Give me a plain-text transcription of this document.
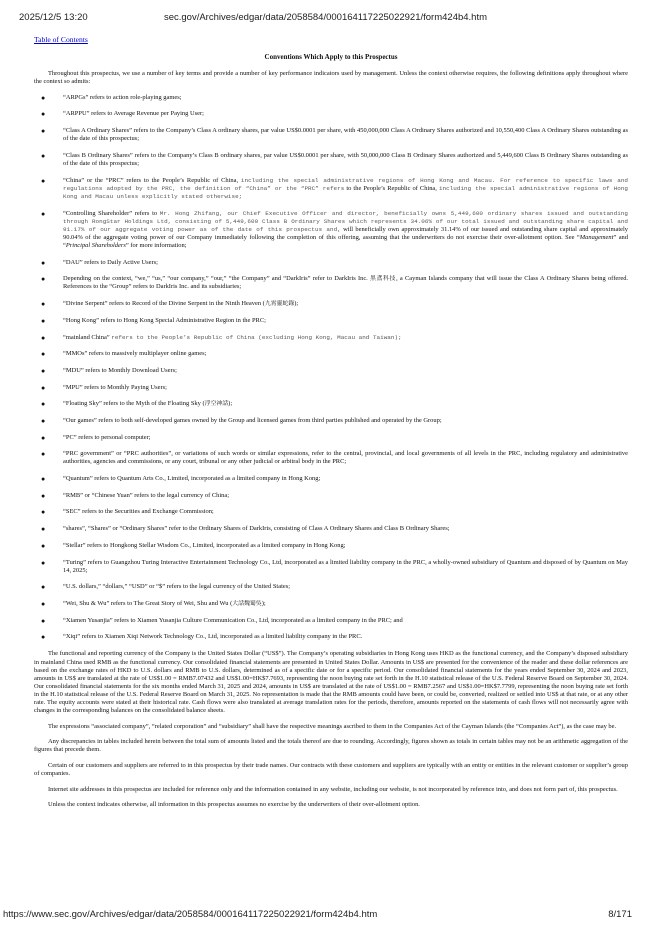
2025/12/5 13:20	sec.gov/Archives/edgar/data/2058584/000164117225022921/form424b4.htm
Table of Contents
Conventions Which Apply to this Prospectus

Throughout this prospectus, we use a number of key terms and provide a number of key performance indicators used by management. Unless the context otherwise requires, the following definitions apply throughout where the context so admits:

●	“ARPGs” refers to action role-playing games;
●	“ARPPU” refers to Average Revenue per Paying User;
●	“Class A Ordinary Shares” refers to the Company’s Class A ordinary shares, par value US$0.0001 per share, with 450,000,000 Class A Ordinary Shares authorized and 10,550,400 Class A Ordinary Shares outstanding as of the date of this prospectus;
●	“Class B Ordinary Shares” refers to the Company’s Class B ordinary shares, par value US$0.0001 per share, with 50,000,000 Class B Ordinary Shares authorized and 5,449,600 Class B Ordinary Shares outstanding as of the date of this prospectus;
●	“China” or the “PRC” refers to the People’s Republic of China, including the special administrative regions of Hong Kong and Macau. For reference to specific laws and regulations adopted by the PRC, the definition of “China” or the “PRC” refers to the People’s Republic of China, including the special administrative regions of Hong Kong and Macau unless explicitly stated otherwise;
●	“Controlling Shareholder” refers to Mr. Hong Zhifang, our Chief Executive Officer and director, beneficially owns 5,449,600 ordinary shares issued and outstanding through RongStar Holdings Ltd, consisting of 5,449,600 Class B Ordinary Shares which represents 34.06% of our total issued and outstanding share capital and 91.17% of our aggregate voting power as of the date of this prospectus and, will beneficially own approximately 31.14% of our issued and outstanding share capital and approximately 90.04% of the aggregate voting power of our Company immediately following the completion of this offering, assuming that the underwriters do not exercise their over-allotment option. See “Management” and “Principal Shareholders” for more information;
●	“DAU” refers to Daily Active Users;
●	Depending on the context, “we,” “us,” “our company,” “our,” “the Company” and “DarkIris” refer to DarkIris Inc. 黑鳶科技, a Cayman Islands company that will issue the Class A Ordinary Shares being offered. References to the “Group” refers to DarkIris Inc. and its subsidiaries;
●	“Divine Serpent” refers to Record of the Divine Serpent in the Ninth Heaven (九霄靈蛇錄);
●	“Hong Kong” refers to Hong Kong Special Administrative Region in the PRC;
●	“mainland China” refers to the People’s Republic of China (excluding Hong Kong, Macau and Taiwan);
●	“MMOs” refers to massively multiplayer online games;
●	“MDU” refers to Monthly Download Users;
●	“MPU” refers to Monthly Paying Users;
●	“Floating Sky” refers to the Myth of the Floating Sky (浮空神話);
●	“Our games” refers to both self-developed games owned by the Group and licensed games from third parties published and operated by the Group;
●	“PC” refers to personal computer;
●	“PRC government” or “PRC authorities”, or variations of such words or similar expressions, refer to the central, provincial, and local governments of all levels in the PRC, including regulatory and administrative authorities, agencies and commissions, or any court, tribunal or any other judicial or arbitral body in the PRC;
●	“Quantum” refers to Quantum Arts Co., Limited, incorporated as a limited company in Hong Kong;
●	“RMB” or “Chinese Yuan” refers to the legal currency of China;
●	“SEC” refers to the Securities and Exchange Commission;
●	“shares”, “Shares” or “Ordinary Shares” refer to the Ordinary Shares of DarkIris, consisting of Class A Ordinary Shares and Class B Ordinary Shares;
●	“Stellar” refers to Hongkong Stellar Wisdom Co., Limited, incorporated as a limited company in Hong Kong;
●	“Turing” refers to Guangzhou Turing Interactive Entertainment Technology Co., Ltd, incorporated as a limited liability company in the PRC, a wholly-owned subsidiary of Quantum and disposed of by Quantum on May 14, 2025;
●	“U.S. dollars,” “dollars,” “USD” or “$” refers to the legal currency of the United States;
●	“Wei, Shu & Wu” refers to The Great Story of Wei, Shu and Wu (大話魏蜀吳);
●	“Xiamen Yusanjia” refers to Xiamen Yusanjia Culture Communication Co., Ltd, incorporated as a limited company in the PRC; and
●	“Xiqi” refers to Xiamen Xiqi Network Technology Co., Ltd, incorporated as a limited liability company in the PRC.

The functional and reporting currency of the Company is the United States Dollar (“US$”). The Company’s operating subsidiaries in Hong Kong uses HKD as the functional currency, and the Company’s disposed subsidiary in mainland China used RMB as the functional currency. Our consolidated financial statements are presented in United States Dollar. Amounts in US$ are presented for the convenience of the reader and these dollar references are based on the exchange rates of HKD to U.S. dollars and RMB to U.S. dollars, determined as of a specific date or for a specific period. Our consolidated financial statements for the years ended September 30, 2024 and 2023, amounts in US$ are translated at the rate of US$1.00 = RMB7.07432 and US$1.00=HK$7.7693, representing the noon buying rate set forth in the H.10 statistical release of the U.S. Federal Reserve Board on September 30, 2024. Our consolidated financial statements for the six months ended March 31, 2025 and 2024, amounts in US$ are translated at the rate of US$1.00 = RMB7.2567 and US$1.00=HK$7.7799, representing the noon buying rate set forth in the H.10 statistical release of the U.S. Federal Reserve Board on March 31, 2025. No representation is made that the RMB amounts could have been, or could be, converted, realized or settled into US$ at that rate, or at any other rate. The equity accounts were stated at their historical rate. Cash flows were also translated at average translation rates for the periods, therefore, amounts reported on the statements of cash flows will not necessarily agree with changes in the corresponding balances on the consolidated balance sheets.

The expressions “associated company”, “related corporation” and “subsidiary” shall have the respective meanings ascribed to them in the Companies Act of the Cayman Islands (the “Companies Act”), as the case may be.

Any discrepancies in tables included herein between the total sum of amounts listed and the totals thereof are due to rounding. Accordingly, figures shown as totals in certain tables may not be an arithmetic aggregation of the figures that precede them.

Certain of our customers and suppliers are referred to in this prospectus by their trade names. Our contracts with these customers and suppliers are typically with an entity or entities in the relevant customer or supplier’s group of companies.

Internet site addresses in this prospectus are included for reference only and the information contained in any website, including our website, is not incorporated by reference into, and does not form part of, this prospectus.

Unless the context indicates otherwise, all information in this prospectus assumes no exercise by the underwriters of their over-allotment option.

https://www.sec.gov/Archives/edgar/data/2058584/000164117225022921/form424b4.htm	8/171
